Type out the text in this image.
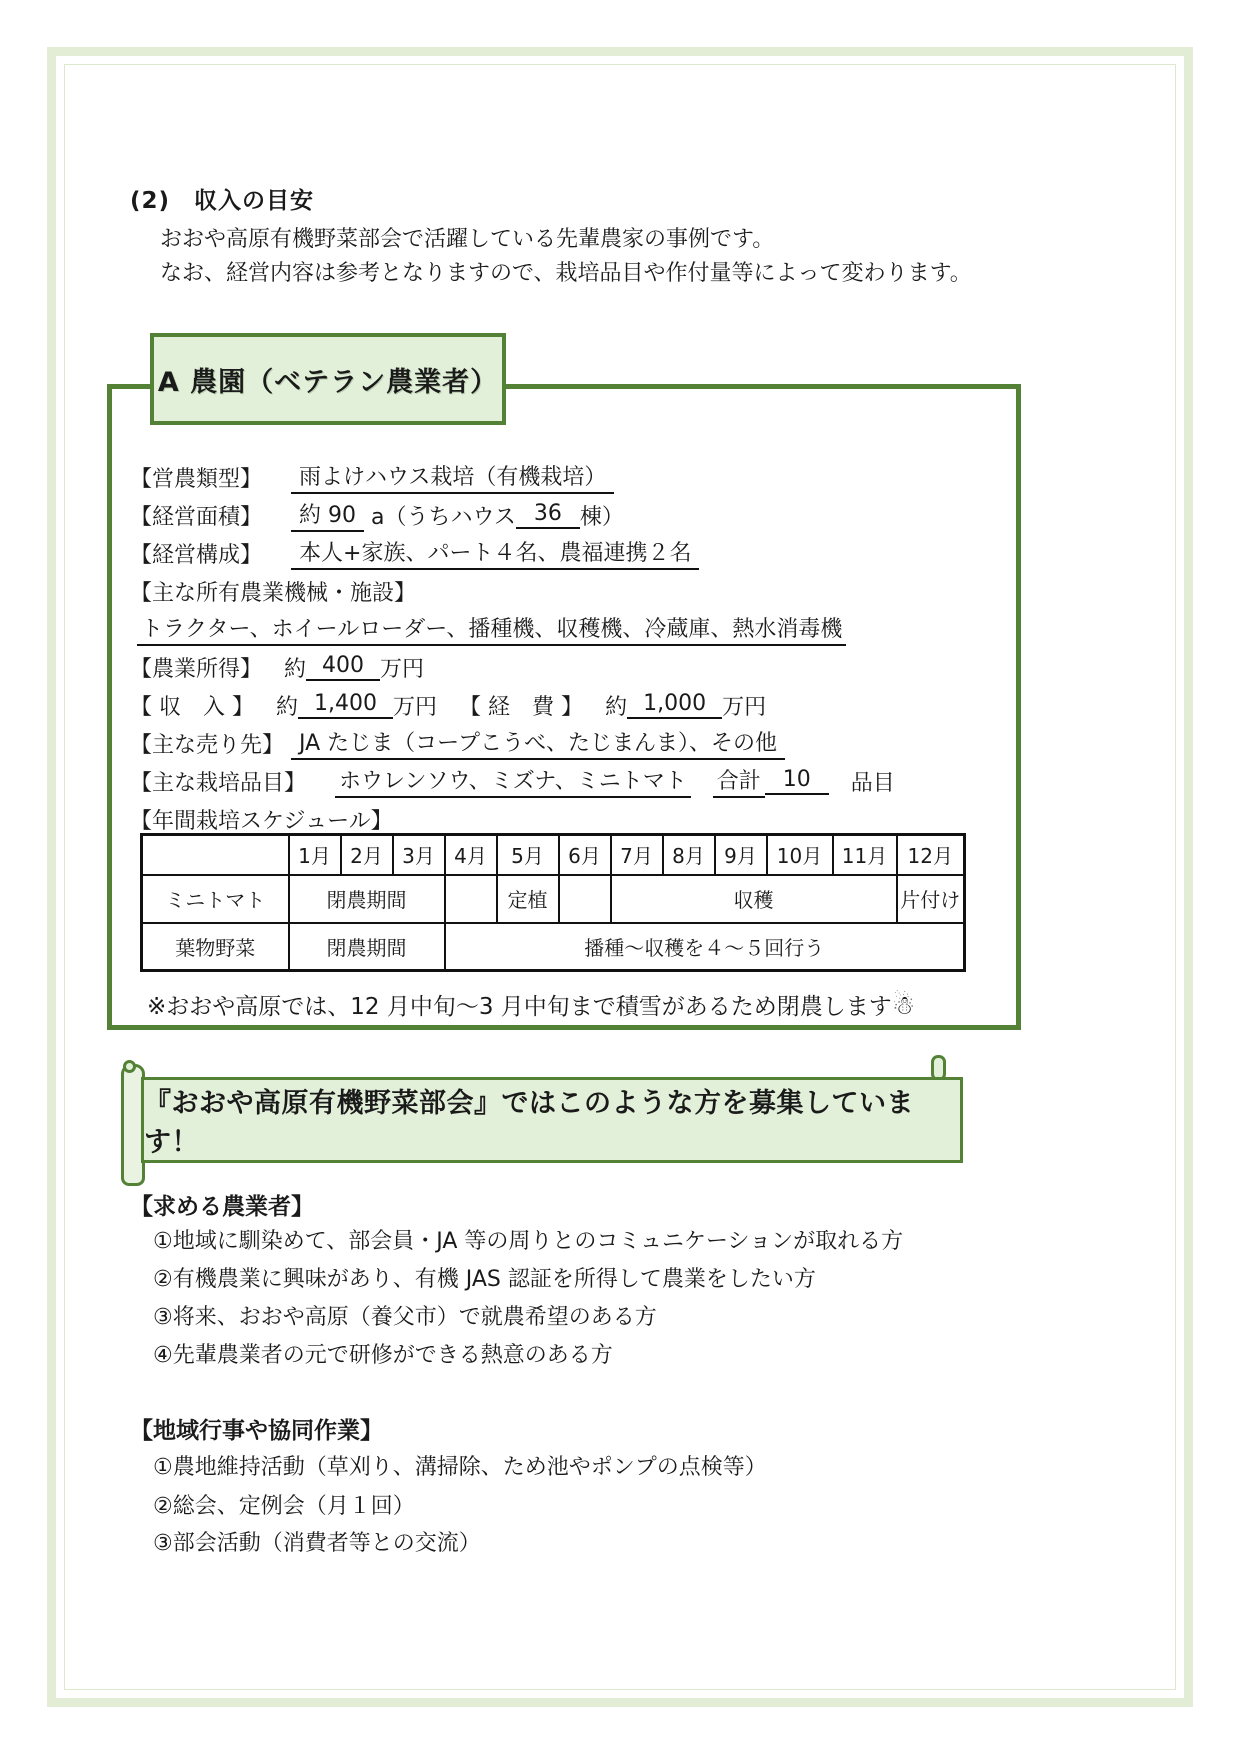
(2)　収入の目安
おおや高原有機野菜部会で活躍している先輩農家の事例です。
なお、経営内容は参考となりますので、栽培品目や作付量等によって変わります。
A 農園（ベテラン農業者）
【営農類型】
　	雨よけハウス栽培（有機栽培）
【経営面積】
　	約 90 a（うちハウス 36 棟）
【経営構成】
　	本人+家族、パート４名、農福連携２名
【主な所有農業機械・施設】

トラクター、ホイールローダー、播種機、収穫機、冷蔵庫、熱水消毒機
【農業所得】
　 約 400 万円
【 収　入 】
　 約 1,400 万円
　 【 経　費 】
　 約 1,000 万円
【主な売り先】
JA たじま（コープこうべ、たじまんま）、その他
【主な栽培品目】
　 ホウレンソウ、ミズナ、ミニトマト
　 合計	10
　	品目
【年間栽培スケジュール】
	1月	2月	3月	4月	5月	6月	7月	8月	9月	10月	11月	12月
ミニトマト	閉農期間				定植		収穫					片付け
葉物野菜	閉農期間			播種～収穫を４～５回行う								
※おおや高原では、12 月中旬～3 月中旬まで積雪があるため閉農します☃
『おおや高原有機野菜部会』ではこのような方を募集しています！
【求める農業者】
①地域に馴染めて、部会員・JA 等の周りとのコミュニケーションが取れる方
②有機農業に興味があり、有機 JAS 認証を所得して農業をしたい方
③将来、おおや高原（養父市）で就農希望のある方
④先輩農業者の元で研修ができる熱意のある方
【地域行事や協同作業】
①農地維持活動（草刈り、溝掃除、ため池やポンプの点検等）
②総会、定例会（月１回）
③部会活動（消費者等との交流）
